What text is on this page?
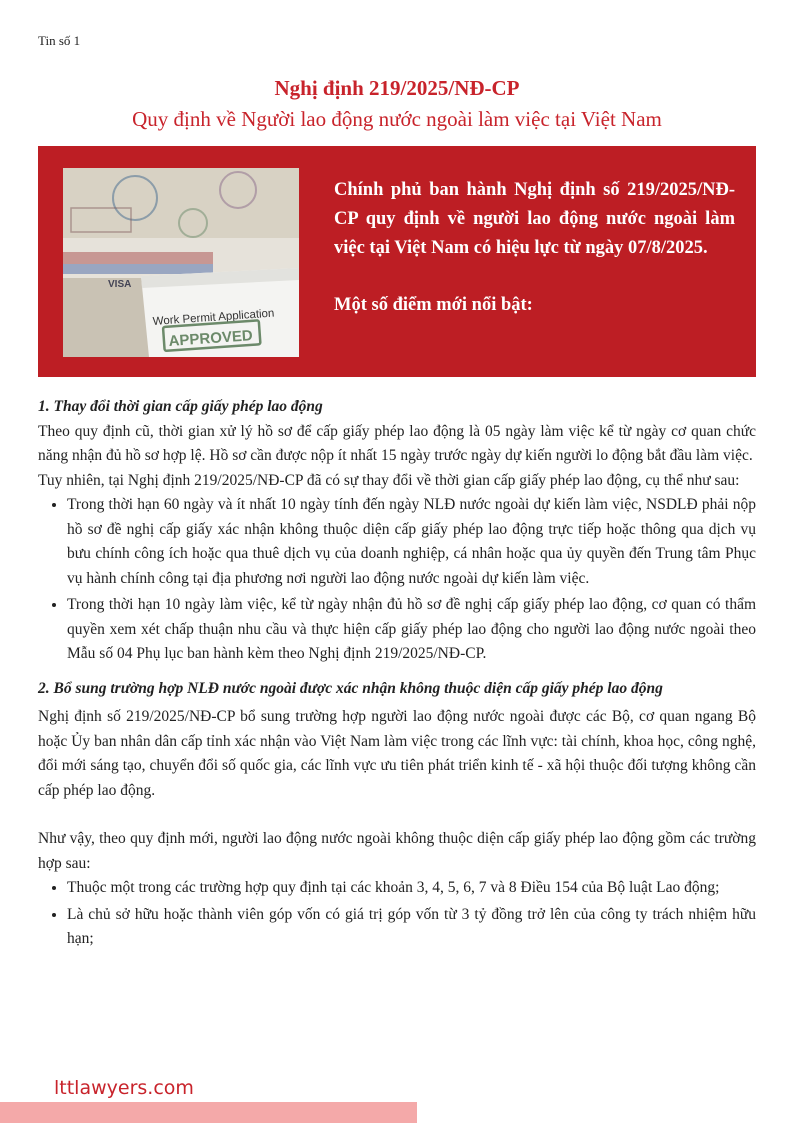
Tin số 1
Nghị định 219/2025/NĐ-CP
Quy định về Người lao động nước ngoài làm việc tại Việt Nam
VISA
Work Permit Application
APPROVED

Chính phủ ban hành Nghị định số 219/2025/NĐ-CP quy định về người lao động nước ngoài làm việc tại Việt Nam có hiệu lực từ ngày 07/8/2025.

Một số điểm mới nổi bật:

1. Thay đổi thời gian cấp giấy phép lao động

Theo quy định cũ, thời gian xử lý hồ sơ để cấp giấy phép lao động là 05 ngày làm việc kể từ ngày cơ quan chức năng nhận đủ hồ sơ hợp lệ. Hồ sơ cần được nộp ít nhất 15 ngày trước ngày dự kiến người lo động bắt đầu làm việc.

Tuy nhiên, tại Nghị định 219/2025/NĐ-CP đã có sự thay đổi về thời gian cấp giấy phép lao động, cụ thể như sau:

• Trong thời hạn 60 ngày và ít nhất 10 ngày tính đến ngày NLĐ nước ngoài dự kiến làm việc, NSDLĐ phải nộp hồ sơ đề nghị cấp giấy xác nhận không thuộc diện cấp giấy phép lao động trực tiếp hoặc thông qua dịch vụ bưu chính công ích hoặc qua thuê dịch vụ của doanh nghiệp, cá nhân hoặc qua ủy quyền đến Trung tâm Phục vụ hành chính công tại địa phương nơi người lao động nước ngoài dự kiến làm việc.
• Trong thời hạn 10 ngày làm việc, kể từ ngày nhận đủ hồ sơ đề nghị cấp giấy phép lao động, cơ quan có thẩm quyền xem xét chấp thuận nhu cầu và thực hiện cấp giấy phép lao động cho người lao động nước ngoài theo Mẫu số 04 Phụ lục ban hành kèm theo Nghị định 219/2025/NĐ-CP.
2. Bổ sung trường hợp NLĐ nước ngoài được xác nhận không thuộc diện cấp giấy phép lao động

Nghị định số 219/2025/NĐ-CP bổ sung trường hợp người lao động nước ngoài được các Bộ, cơ quan ngang Bộ hoặc Ủy ban nhân dân cấp tỉnh xác nhận vào Việt Nam làm việc trong các lĩnh vực: tài chính, khoa học, công nghệ, đổi mới sáng tạo, chuyển đổi số quốc gia, các lĩnh vực ưu tiên phát triển kinh tế - xã hội thuộc đối tượng không cần cấp phép lao động.

Như vậy, theo quy định mới, người lao động nước ngoài không thuộc diện cấp giấy phép lao động gồm các trường hợp sau:

• Thuộc một trong các trường hợp quy định tại các khoản 3, 4, 5, 6, 7 và 8 Điều 154 của Bộ luật Lao động;
• Là chủ sở hữu hoặc thành viên góp vốn có giá trị góp vốn từ 3 tỷ đồng trở lên của công ty trách nhiệm hữu hạn;
lttlawyers.com
